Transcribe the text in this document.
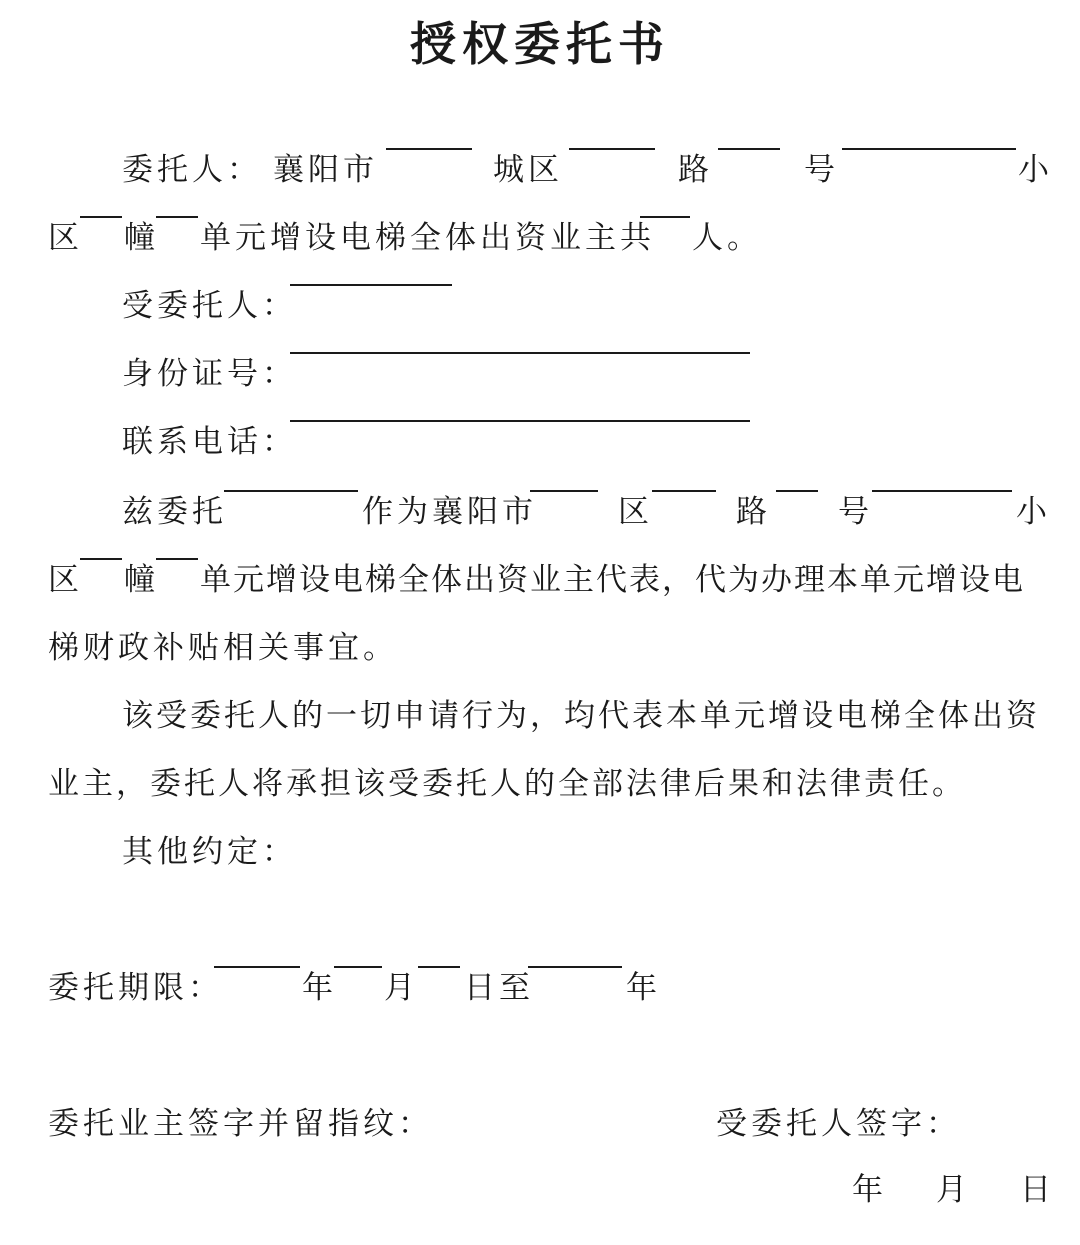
授权委托书
委托人： 襄阳市	城区	路	号	小
区 幢 单元增设电梯全体出资业主共 人。
受委托人：
身份证号：
联系电话：
兹委托	作为襄阳市	区	路 号	小
区 幢 单元增设电梯全体出资业主代表，代为办理本单元增设电
梯财政补贴相关事宜。
该受委托人的一切申请行为，均代表本单元增设电梯全体出资
业主，委托人将承担该受委托人的全部法律后果和法律责任。
其他约定：
委托期限：	年 月 日至	年
委托业主签字并留指纹：	受委托人签字：
年 月 日
